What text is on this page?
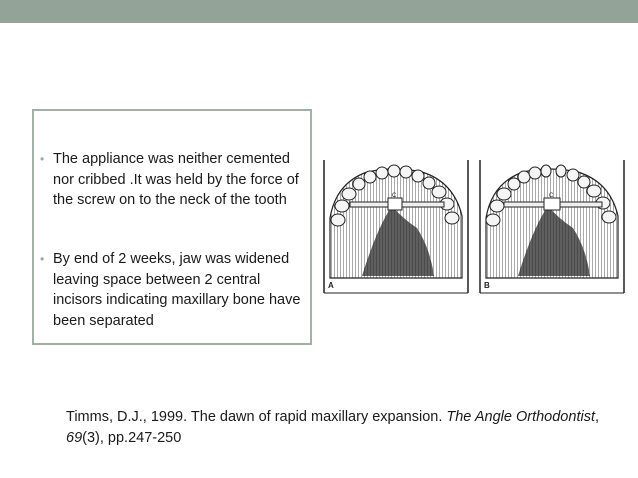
• The appliance was neither cemented nor cribbed .It was held by the force of the screw on to the neck of the tooth
• By end of 2 weeks, jaw was widened leaving space between 2 central incisors indicating maxillary bone have been separated
C
A
C
B
Timms, D.J., 1999. The dawn of rapid maxillary expansion. The Angle Orthodontist, 69(3), pp.247-250
